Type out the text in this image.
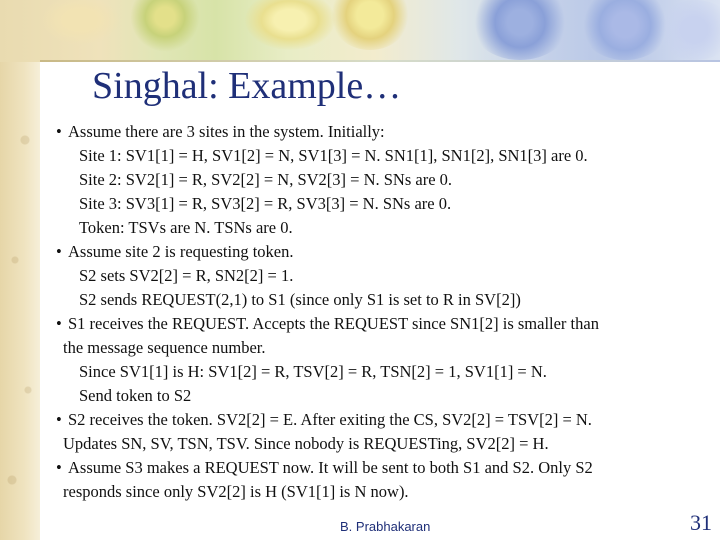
Singhal: Example…
• Assume there are 3 sites in the system. Initially:
Site 1: SV1[1] = H, SV1[2] = N, SV1[3] = N. SN1[1], SN1[2], SN1[3] are 0.
Site 2: SV2[1] = R, SV2[2] = N, SV2[3] = N. SNs are 0.
Site 3: SV3[1] = R, SV3[2] = R, SV3[3] = N. SNs are 0.
Token: TSVs are N. TSNs are 0.
• Assume site 2 is requesting token.
S2 sets SV2[2] = R, SN2[2] = 1.
S2 sends REQUEST(2,1) to S1 (since only S1 is set to R in SV[2])
• S1 receives the REQUEST. Accepts the REQUEST since SN1[2] is smaller than
the message sequence number.
Since SV1[1] is H: SV1[2] = R, TSV[2] = R, TSN[2] = 1, SV1[1] = N.
Send token to S2
• S2 receives the token. SV2[2] = E. After exiting the CS, SV2[2] = TSV[2] = N.
Updates SN, SV, TSN, TSV. Since nobody is REQUESTing, SV2[2] = H.
• Assume S3 makes a REQUEST now. It will be sent to both S1 and S2. Only S2
responds since only SV2[2] is H (SV1[1] is N now).
B. Prabhakaran	31
